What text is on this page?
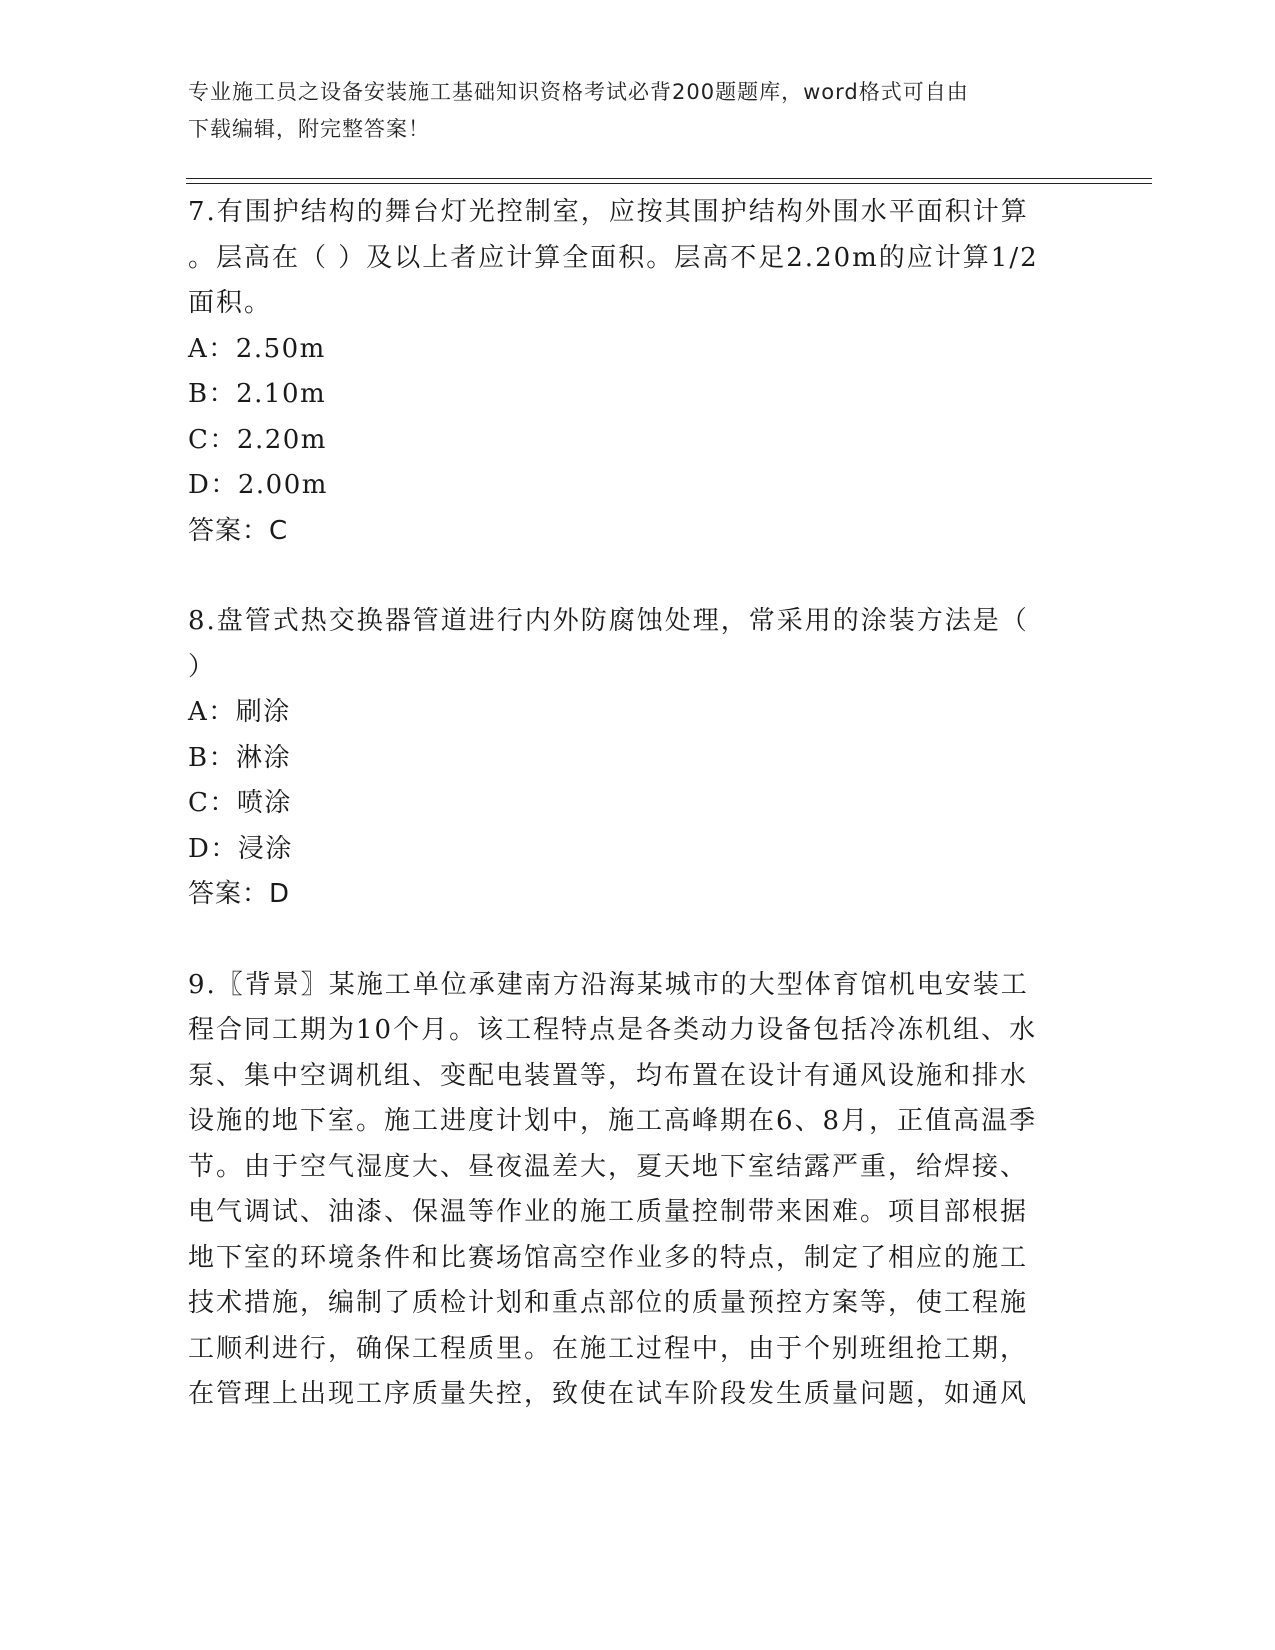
专业施工员之设备安装施工基础知识资格考试必背200题题库，word格式可自由
下载编辑，附完整答案！

7.有围护结构的舞台灯光控制室，应按其围护结构外围水平面积计算

。层高在（ ）及以上者应计算全面积。层高不足2.20m的应计算1/2

面积。

A：2.50m

B：2.10m

C：2.20m

D：2.00m

答案：C

8.盘管式热交换器管道进行内外防腐蚀处理，常采用的涂装方法是（

）

A：刷涂

B：淋涂

C：喷涂

D：浸涂

答案：D

9.〖背景〗某施工单位承建南方沿海某城市的大型体育馆机电安装工

程合同工期为10个月。该工程特点是各类动力设备包括冷冻机组、水

泵、集中空调机组、变配电装置等，均布置在设计有通风设施和排水

设施的地下室。施工进度计划中，施工高峰期在6、8月，正值高温季

节。由于空气湿度大、昼夜温差大，夏天地下室结露严重，给焊接、

电气调试、油漆、保温等作业的施工质量控制带来困难。项目部根据

地下室的环境条件和比赛场馆高空作业多的特点，制定了相应的施工

技术措施，编制了质检计划和重点部位的质量预控方案等，使工程施

工顺利进行，确保工程质里。在施工过程中，由于个别班组抢工期，

在管理上出现工序质量失控，致使在试车阶段发生质量问题，如通风
